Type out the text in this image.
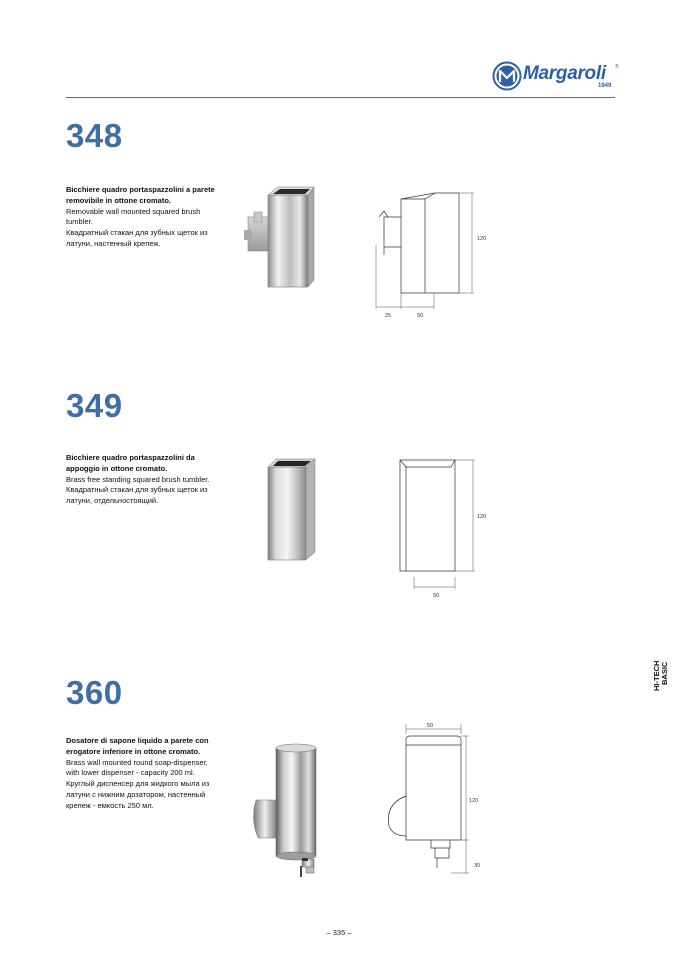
Margaroli ®
1949
348
Bicchiere quadro portaspazzolini a parete removibile in ottone cromato.
Removable wall mounted squared brush tumbler.
Квадратный стакан для зубных щеток из латуни, настенный крепеж.	120
25	50
349
Bicchiere quadro portaspazzolini da appoggio in ottone cromato.
Brass free standing squared brush tumbler.
Квадратный стакан для зубных щеток из латуни, отдельностоящий.
120
50
360
Dosatore di sapone liquido a parete con erogatore inferiore in ottone cromato.
Brass wall mounted round soap-dispenser, with lower dispenser - capacity 200 ml.
Круглый диспенсер для жидкого мыла из латуни с нижним дозатором, настенный крепеж - емкость 250 мл.
50
120
30
HI-TECH BASIC
– 335 –
